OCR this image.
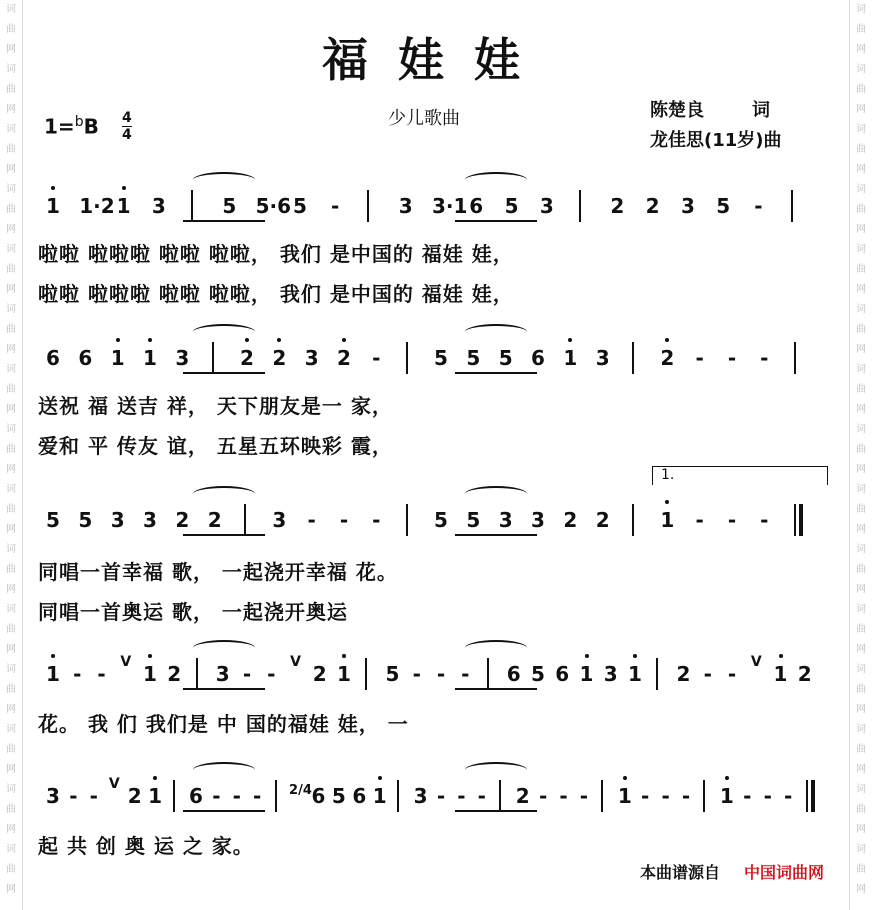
词
曲
网
词
曲
网
词
曲
网
词
曲
网
词
曲
网
词
曲
网
词
曲
网
词
曲
网
词
曲
网
词
曲
网
词
曲
网
词
曲
网
词
曲
网
词
曲
网
词
曲
网
词
曲
网
词
曲
网
词
曲
网
词
曲
网
词
曲
网
词
曲
网
词
曲
网
词
曲
网
词
曲
网
词
曲
网
词
曲
网
词
曲
网
词
曲
网
词
曲
网
词
曲
网
福娃娃
1=$^b$B 4
4
少儿歌曲	陈楚良	词
龙佳思(11岁)曲
1 1·2 1 3	5 5·6 5 -	3 3·1 6 5 3	2 2 3 5 -
啦啦 啦啦啦 啦啦 啦啦， 我们 是中国的 福娃 娃，
啦啦 啦啦啦 啦啦 啦啦， 我们 是中国的 福娃 娃，
6 6 1 1 3	2 2 3 2 -	5 5 5 6 1 3	2 - - -
送祝 福 送吉 祥， 天下朋友是一 家，
爱和 平 传友 谊， 五星五环映彩 霞，
5 5 3 3 2 2	3 - - -	5 5 3 3 2 2	1 - - -
同唱一首幸福 歌， 一起浇开幸福 花。
同唱一首奥运 歌， 一起浇开奥运
1 - -	V 1 2 3 - -	V 2 1 5 - - - 6 5 6 1 3 1 2 - -	V 1 2
花。 我 们 我们是 中 国的福娃 娃， 一
3 - - V 2 1 6 - - -	2/4 6 5 6 1 3 - - - 2 - - - 1 - - - 1 - - -
起 共 创 奥 运 之 家。
1.
本曲谱源自 中国词曲网
